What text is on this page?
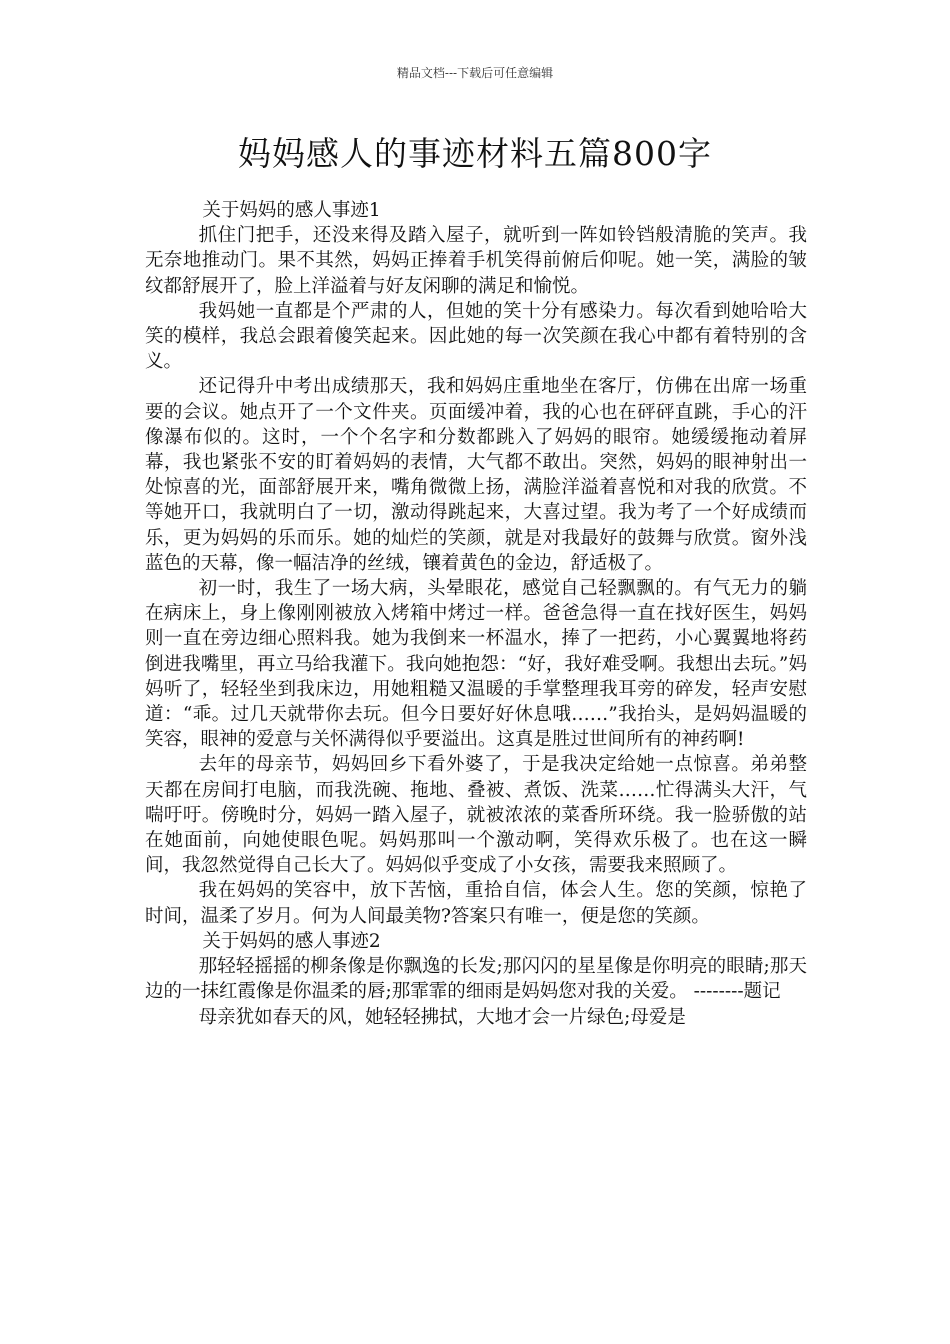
精品文档---下载后可任意编辑
妈妈感人的事迹材料五篇800字

关于妈妈的感人事迹1

抓住门把手，还没来得及踏入屋子，就听到一阵如铃铛般清脆的笑声。我无奈地推动门。果不其然，妈妈正捧着手机笑得前俯后仰呢。她一笑，满脸的皱纹都舒展开了，脸上洋溢着与好友闲聊的满足和愉悦。

我妈她一直都是个严肃的人，但她的笑十分有感染力。每次看到她哈哈大笑的模样，我总会跟着傻笑起来。因此她的每一次笑颜在我心中都有着特别的含义。

还记得升中考出成绩那天，我和妈妈庄重地坐在客厅，仿佛在出席一场重要的会议。她点开了一个文件夹。页面缓冲着，我的心也在砰砰直跳，手心的汗像瀑布似的。这时，一个个名字和分数都跳入了妈妈的眼帘。她缓缓拖动着屏幕，我也紧张不安的盯着妈妈的表情，大气都不敢出。突然，妈妈的眼神射出一处惊喜的光，面部舒展开来，嘴角微微上扬，满脸洋溢着喜悦和对我的欣赏。不等她开口，我就明白了一切，激动得跳起来，大喜过望。我为考了一个好成绩而乐，更为妈妈的乐而乐。她的灿烂的笑颜，就是对我最好的鼓舞与欣赏。窗外浅蓝色的天幕，像一幅洁净的丝绒，镶着黄色的金边，舒适极了。

初一时，我生了一场大病，头晕眼花，感觉自己轻飘飘的。有气无力的躺在病床上，身上像刚刚被放入烤箱中烤过一样。爸爸急得一直在找好医生，妈妈则一直在旁边细心照料我。她为我倒来一杯温水，捧了一把药，小心翼翼地将药倒进我嘴里，再立马给我灌下。我向她抱怨：“好，我好难受啊。我想出去玩。”妈妈听了，轻轻坐到我床边，用她粗糙又温暖的手掌整理我耳旁的碎发，轻声安慰道：“乖。过几天就带你去玩。但今日要好好休息哦……”我抬头，是妈妈温暖的笑容，眼神的爱意与关怀满得似乎要溢出。这真是胜过世间所有的神药啊!

去年的母亲节，妈妈回乡下看外婆了，于是我决定给她一点惊喜。弟弟整天都在房间打电脑，而我洗碗、拖地、叠被、煮饭、洗菜……忙得满头大汗，气喘吁吁。傍晚时分，妈妈一踏入屋子，就被浓浓的菜香所环绕。我一脸骄傲的站在她面前，向她使眼色呢。妈妈那叫一个激动啊，笑得欢乐极了。也在这一瞬间，我忽然觉得自己长大了。妈妈似乎变成了小女孩，需要我来照顾了。

我在妈妈的笑容中，放下苦恼，重拾自信，体会人生。您的笑颜，惊艳了时间，温柔了岁月。何为人间最美物?答案只有唯一，便是您的笑颜。

关于妈妈的感人事迹2

那轻轻摇摇的柳条像是你飘逸的长发;那闪闪的星星像是你明亮的眼睛;那天边的一抹红霞像是你温柔的唇;那霏霏的细雨是妈妈您对我的关爱。 --------题记

母亲犹如春天的风，她轻轻拂拭，大地才会一片绿色;母爱是
